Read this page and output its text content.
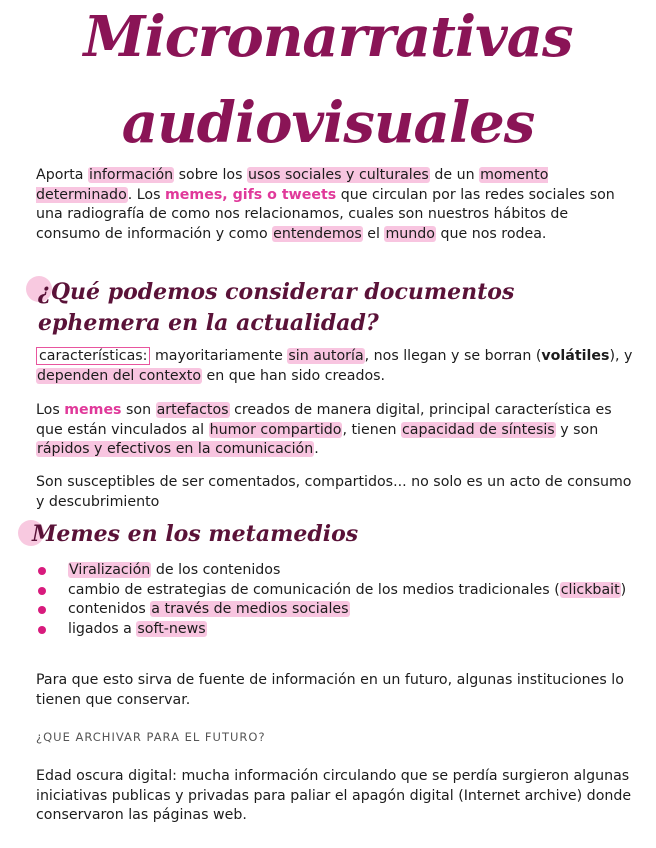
Micronarrativas
audiovisuales

Aporta información sobre los usos sociales y culturales de un momento determinado. Los memes, gifs o tweets que circulan por las redes sociales son una radiografía de como nos relacionamos, cuales son nuestros hábitos de consumo de información y como entendemos el mundo que nos rodea.

¿Qué podemos considerar documentos
ephemera en la actualidad?

características: mayoritariamente sin autoría, nos llegan y se borran (volátiles), y dependen del contexto en que han sido creados.

Los memes son artefactos creados de manera digital, principal característica es que están vinculados al humor compartido, tienen capacidad de síntesis y son rápidos y efectivos en la comunicación.

Son susceptibles de ser comentados, compartidos... no solo es un acto de consumo y descubrimiento

Memes en los metamedios
Viralización de los contenidos
cambio de estrategias de comunicación de los medios tradicionales (clickbait)
contenidos a través de medios sociales
ligados a soft-news

Para que esto sirva de fuente de información en un futuro, algunas instituciones lo tienen que conservar.

¿QUE ARCHIVAR PARA EL FUTURO?

Edad oscura digital: mucha información circulando que se perdía surgieron algunas iniciativas publicas y privadas para paliar el apagón digital (Internet archive) donde conservaron las páginas web.
